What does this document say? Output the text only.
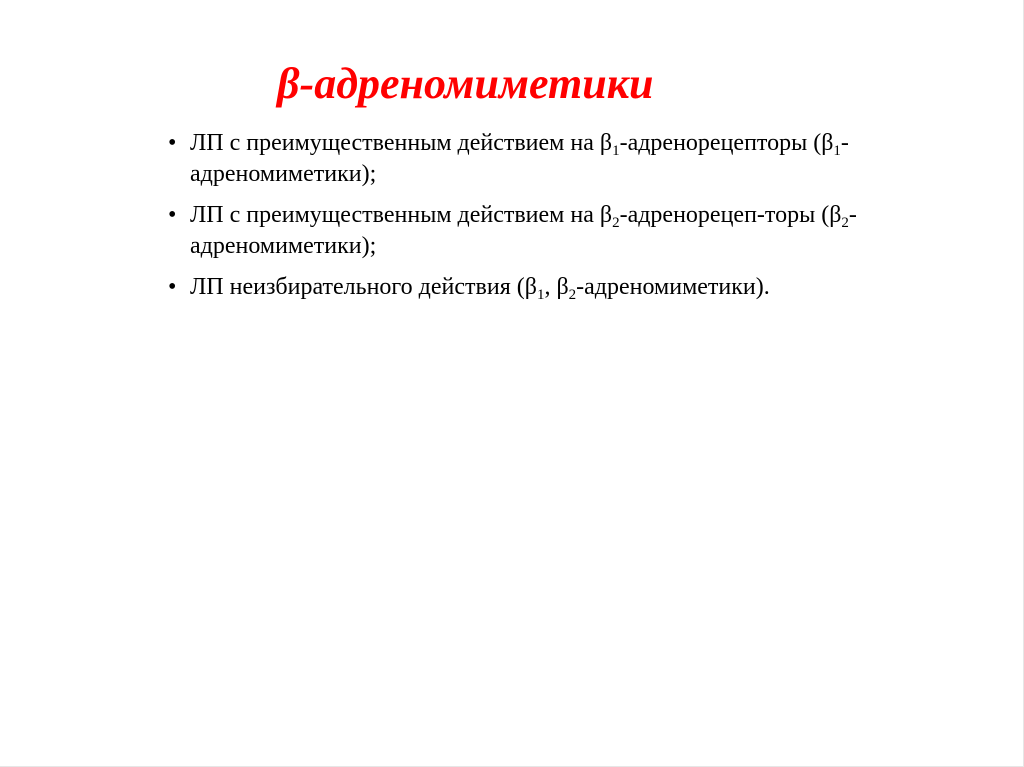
β-адреномиметики
• ЛП с преимущественным действием на $\beta_1$-адренорецепторы $(\beta_1-адреномиметики)$;
• ЛП с преимущественным действием на $\beta_2-адренорецеп$-торы $(\beta_2-адреномиметики)$;
• ЛП неизбирательного действия ($\beta_1$, $\beta_2-адреномиметики$).
